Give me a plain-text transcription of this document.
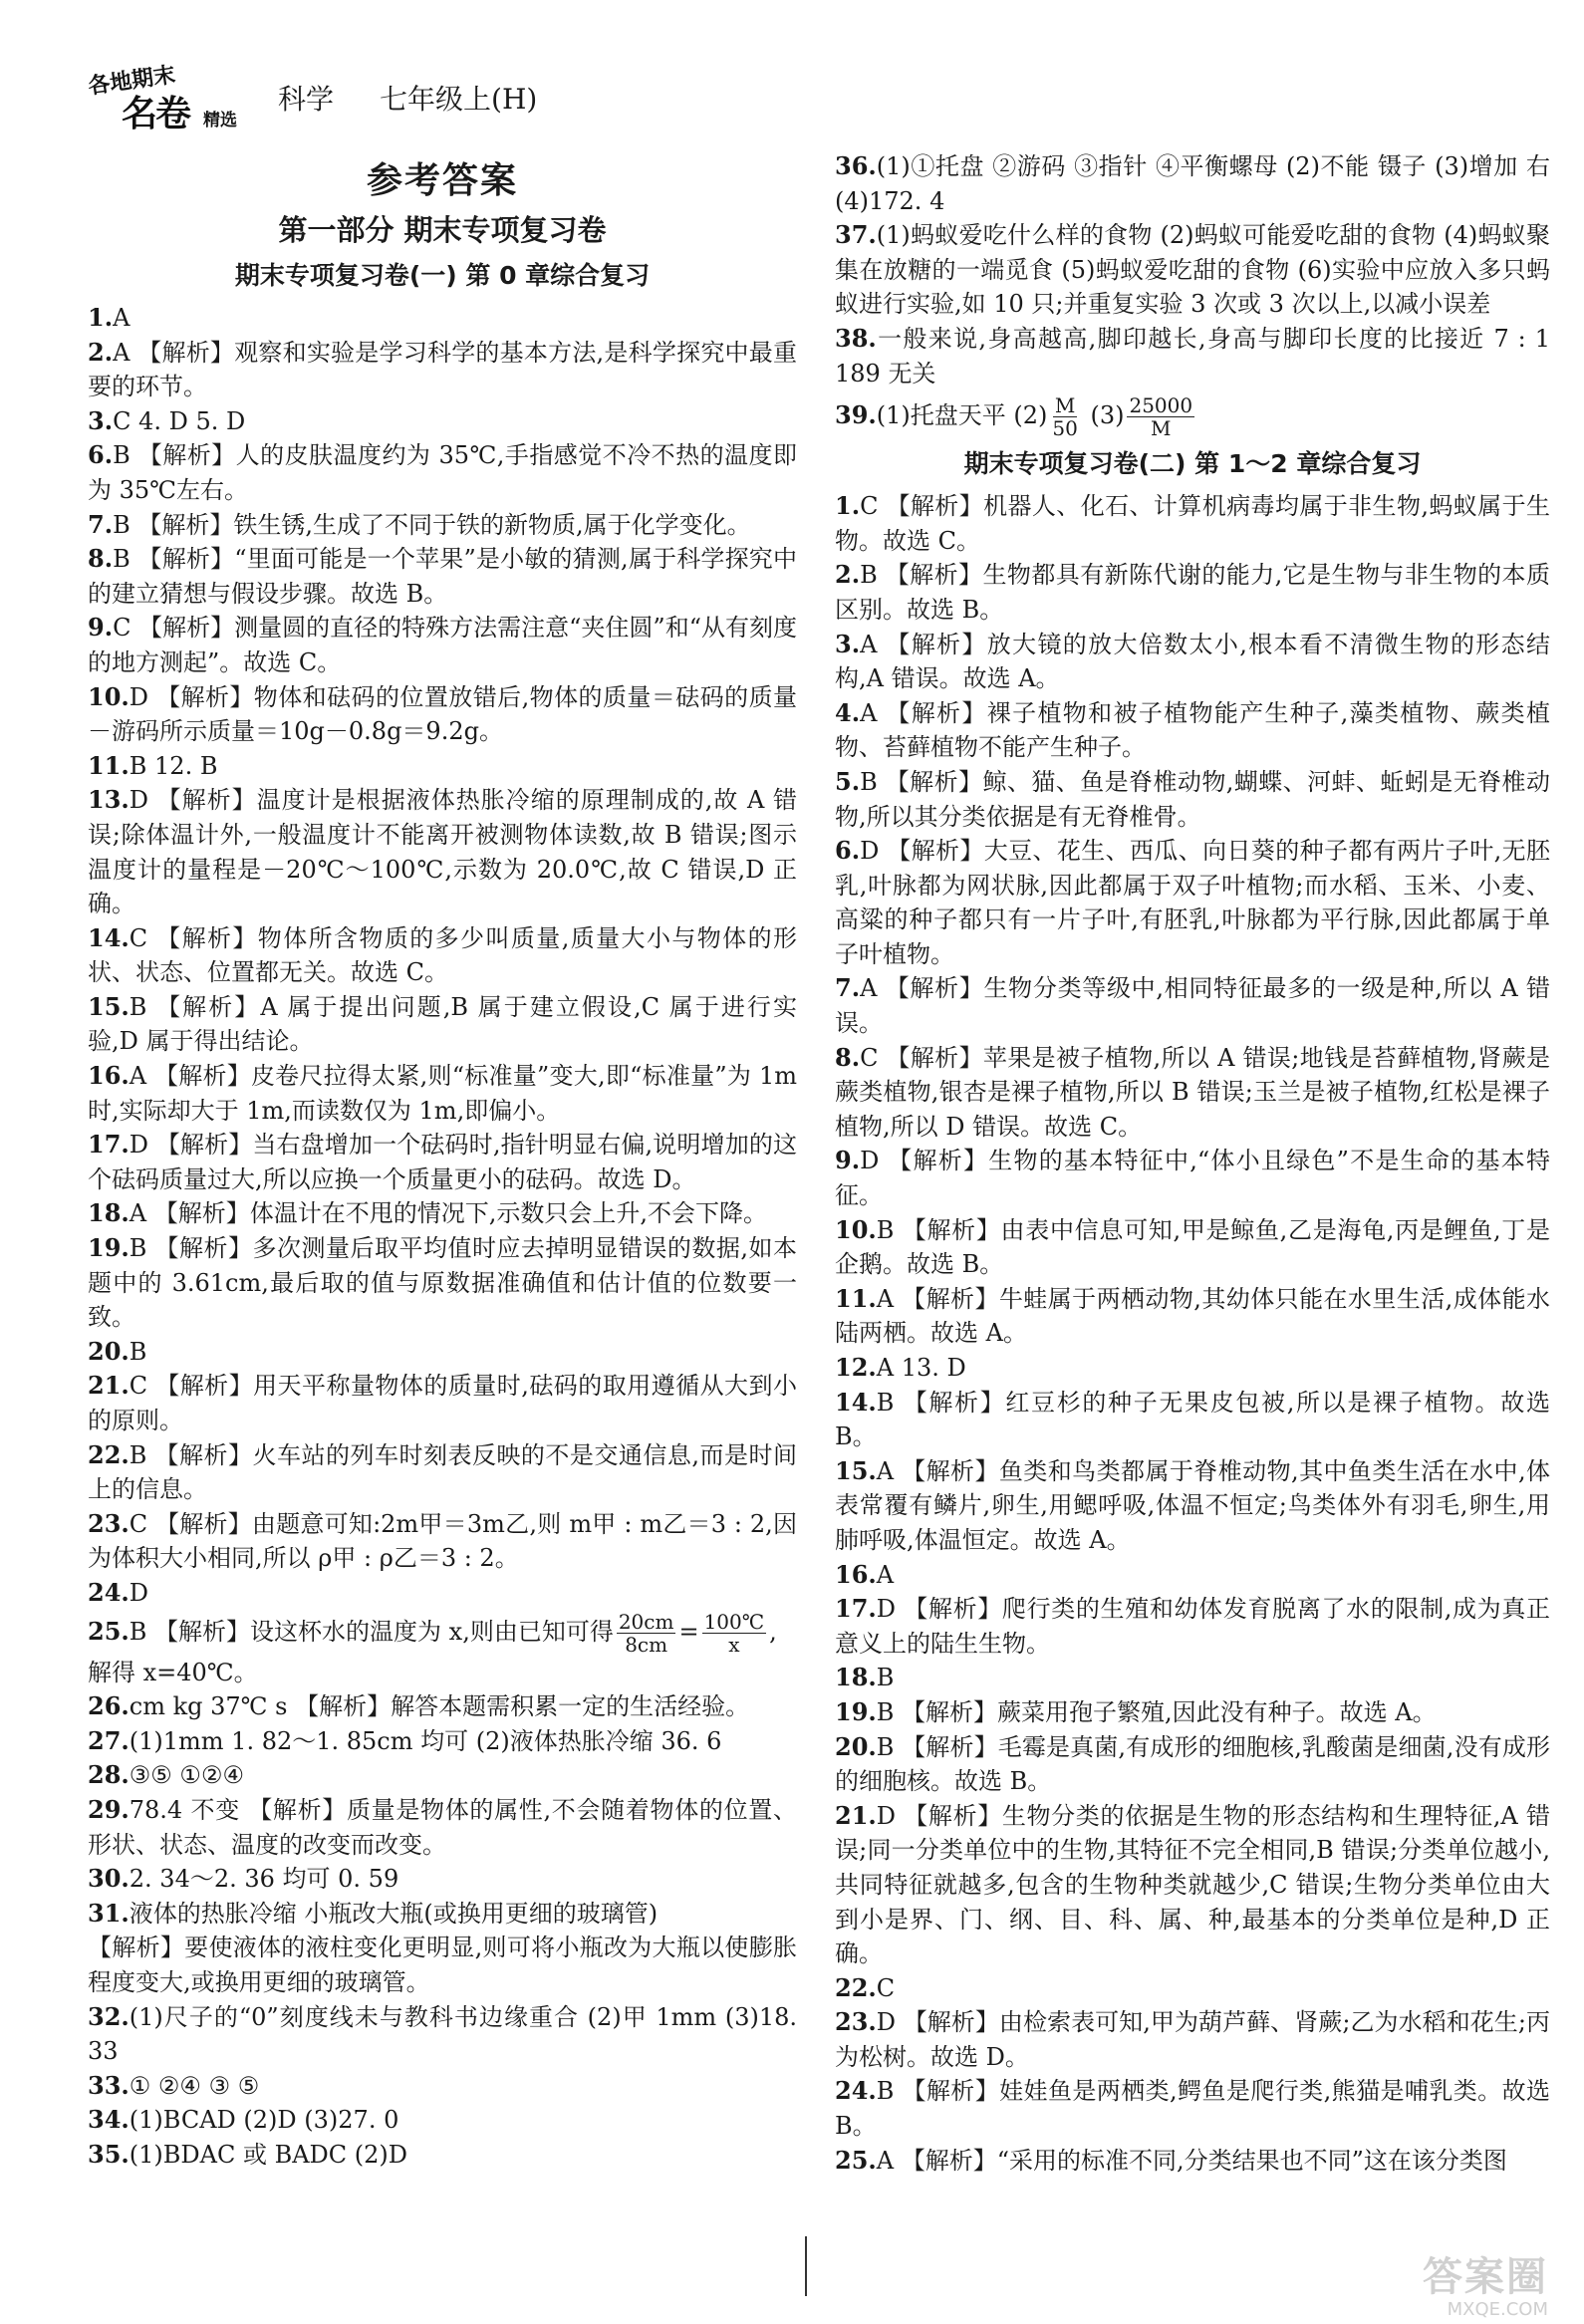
各地期末
名卷 精选
科学 七年级上(H)
参考答案
第一部分 期末专项复习卷
期末专项复习卷(一) 第 0 章综合复习
1.A
2.A 【解析】观察和实验是学习科学的基本方法,是科学探究中最重要的环节。
3.C 4. D 5. D
6.B 【解析】人的皮肤温度约为 35℃,手指感觉不冷不热的温度即为 35℃左右。
7.B 【解析】铁生锈,生成了不同于铁的新物质,属于化学变化。
8.B 【解析】“里面可能是一个苹果”是小敏的猜测,属于科学探究中的建立猜想与假设步骤。故选 B。
9.C 【解析】测量圆的直径的特殊方法需注意“夹住圆”和“从有刻度的地方测起”。故选 C。
10.D 【解析】物体和砝码的位置放错后,物体的质量＝砝码的质量－游码所示质量＝10g－0.8g＝9.2g。
11.B 12. B
13.D 【解析】温度计是根据液体热胀冷缩的原理制成的,故 A 错误;除体温计外,一般温度计不能离开被测物体读数,故 B 错误;图示温度计的量程是－20℃～100℃,示数为 20.0℃,故 C 错误,D 正确。
14.C 【解析】物体所含物质的多少叫质量,质量大小与物体的形状、状态、位置都无关。故选 C。
15.B 【解析】A 属于提出问题,B 属于建立假设,C 属于进行实验,D 属于得出结论。
16.A 【解析】皮卷尺拉得太紧,则“标准量”变大,即“标准量”为 1m 时,实际却大于 1m,而读数仅为 1m,即偏小。
17.D 【解析】当右盘增加一个砝码时,指针明显右偏,说明增加的这个砝码质量过大,所以应换一个质量更小的砝码。故选 D。
18.A 【解析】体温计在不甩的情况下,示数只会上升,不会下降。
19.B 【解析】多次测量后取平均值时应去掉明显错误的数据,如本题中的 3.61cm,最后取的值与原数据准确值和估计值的位数要一致。
20.B
21.C 【解析】用天平称量物体的质量时,砝码的取用遵循从大到小的原则。
22.B 【解析】火车站的列车时刻表反映的不是交通信息,而是时间上的信息。
23.C 【解析】由题意可知:2m甲＝3m乙,则 m甲 : m乙＝3 : 2,因为体积大小相同,所以 ρ甲 : ρ乙＝3 : 2。
24.D
25.B 【解析】设这杯水的温度为 x,则由已知可得 $\frac{20cm}{8cm} = \frac{100℃}{x}$ ,
解得 x=40℃。
26.cm kg 37℃ s 【解析】解答本题需积累一定的生活经验。
27.(1)1mm 1. 82～1. 85cm 均可 (2)液体热胀冷缩 36. 6
28.③⑤ ①②④
29.78.4 不变 【解析】质量是物体的属性,不会随着物体的位置、形状、状态、温度的改变而改变。
30.2. 34～2. 36 均可 0. 59
31.液体的热胀冷缩 小瓶改大瓶(或换用更细的玻璃管)
【解析】要使液体的液柱变化更明显,则可将小瓶改为大瓶以使膨胀程度变大,或换用更细的玻璃管。
32.(1)尺子的“0”刻度线未与教科书边缘重合 (2)甲 1mm (3)18. 33
33.① ②④ ③ ⑤
34.(1)BCAD (2)D (3)27. 0
35.(1)BDAC 或 BADC (2)D
36.(1)①托盘 ②游码 ③指针 ④平衡螺母 (2)不能 镊子 (3)增加 右 (4)172. 4
37.(1)蚂蚁爱吃什么样的食物 (2)蚂蚁可能爱吃甜的食物 (4)蚂蚁聚集在放糖的一端觅食 (5)蚂蚁爱吃甜的食物 (6)实验中应放入多只蚂蚁进行实验,如 10 只;并重复实验 3 次或 3 次以上,以减小误差
38.一般来说,身高越高,脚印越长,身高与脚印长度的比接近 7 : 1 189 无关
39.(1)托盘天平 $(2) \frac{M}{50} (3) \frac{25000}{M}$
期末专项复习卷(二) 第 1～2 章综合复习
1.C 【解析】机器人、化石、计算机病毒均属于非生物,蚂蚁属于生物。故选 C。
2.B 【解析】生物都具有新陈代谢的能力,它是生物与非生物的本质区别。故选 B。
3.A 【解析】放大镜的放大倍数太小,根本看不清微生物的形态结构,A 错误。故选 A。
4.A 【解析】裸子植物和被子植物能产生种子,藻类植物、蕨类植物、苔藓植物不能产生种子。
5.B 【解析】鲸、猫、鱼是脊椎动物,蝴蝶、河蚌、蚯蚓是无脊椎动物,所以其分类依据是有无脊椎骨。
6.D 【解析】大豆、花生、西瓜、向日葵的种子都有两片子叶,无胚乳,叶脉都为网状脉,因此都属于双子叶植物;而水稻、玉米、小麦、高粱的种子都只有一片子叶,有胚乳,叶脉都为平行脉,因此都属于单子叶植物。
7.A 【解析】生物分类等级中,相同特征最多的一级是种,所以 A 错误。
8.C 【解析】苹果是被子植物,所以 A 错误;地钱是苔藓植物,肾蕨是蕨类植物,银杏是裸子植物,所以 B 错误;玉兰是被子植物,红松是裸子植物,所以 D 错误。故选 C。
9.D 【解析】生物的基本特征中,“体小且绿色”不是生命的基本特征。
10.B 【解析】由表中信息可知,甲是鲸鱼,乙是海龟,丙是鲤鱼,丁是企鹅。故选 B。
11.A 【解析】牛蛙属于两栖动物,其幼体只能在水里生活,成体能水陆两栖。故选 A。
12.A 13. D
14.B 【解析】红豆杉的种子无果皮包被,所以是裸子植物。故选 B。
15.A 【解析】鱼类和鸟类都属于脊椎动物,其中鱼类生活在水中,体表常覆有鳞片,卵生,用鳃呼吸,体温不恒定;鸟类体外有羽毛,卵生,用肺呼吸,体温恒定。故选 A。
16.A
17.D 【解析】爬行类的生殖和幼体发育脱离了水的限制,成为真正意义上的陆生生物。
18.B
19.B 【解析】蕨菜用孢子繁殖,因此没有种子。故选 A。
20.B 【解析】毛霉是真菌,有成形的细胞核,乳酸菌是细菌,没有成形的细胞核。故选 B。
21.D 【解析】生物分类的依据是生物的形态结构和生理特征,A 错误;同一分类单位中的生物,其特征不完全相同,B 错误;分类单位越小,共同特征就越多,包含的生物种类就越少,C 错误;生物分类单位由大到小是界、门、纲、目、科、属、种,最基本的分类单位是种,D 正确。
22.C
23.D 【解析】由检索表可知,甲为葫芦藓、肾蕨;乙为水稻和花生;丙为松树。故选 D。
24.B 【解析】娃娃鱼是两栖类,鳄鱼是爬行类,熊猫是哺乳类。故选 B。
25.A 【解析】“采用的标准不同,分类结果也不同”这在该分类图
答案圈
MXQE.COM
